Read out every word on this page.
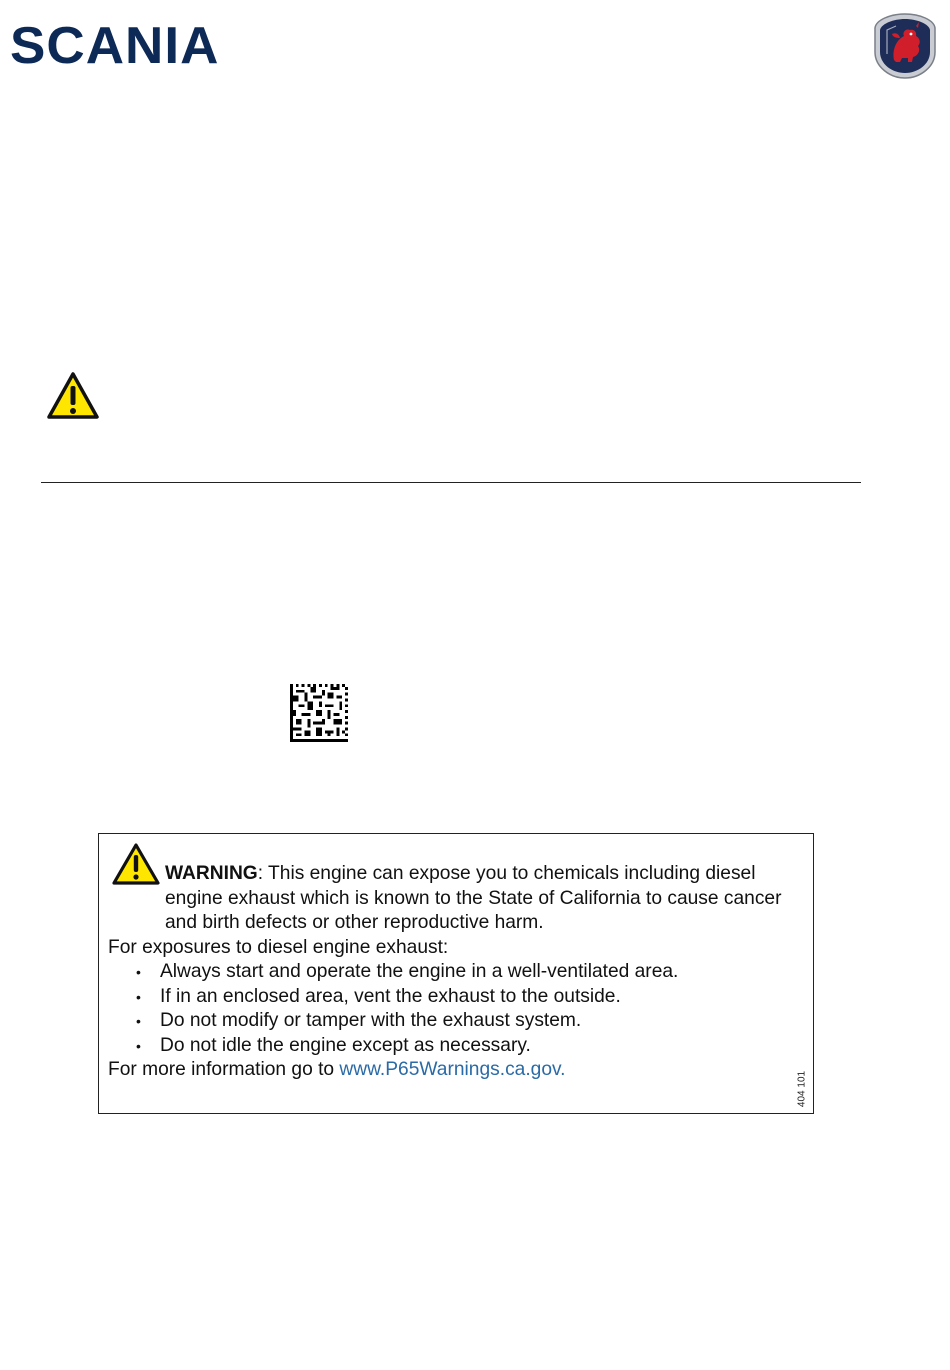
SCANIA

WARNING: This engine can expose you to chemicals including diesel engine exhaust which is known to the State of California to cause cancer and birth defects or other reproductive harm.

For exposures to diesel engine exhaust:

• Always start and operate the engine in a well-ventilated area.
• If in an enclosed area, vent the exhaust to the outside.
• Do not modify or tamper with the exhaust system.
• Do not idle the engine except as necessary.

For more information go to www.P65Warnings.ca.gov.

404 101
